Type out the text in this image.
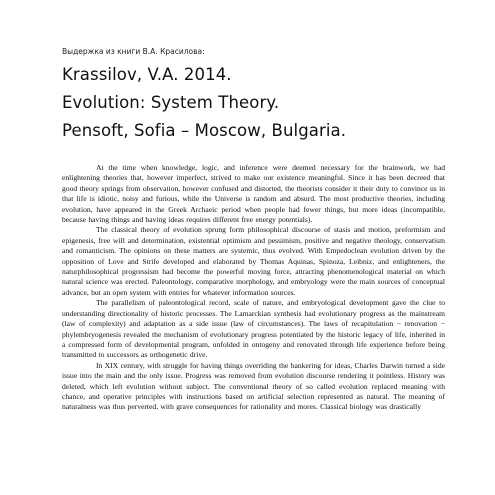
Выдержка из книги В.А. Красилова:
Krassilov, V.A. 2014.
Evolution: System Theory.
Pensoft, Sofia – Moscow, Bulgaria.

At the time when knowledge, logic, and inference were deemed necessary for the brainwork, we had enlightening theories that, however imperfect, strived to make our existence meaningful. Since it has been decreed that good theory springs from observation, however confused and distorted, the theorists consider it their duty to convince us in that life is idiotic, noisy and furious, while the Universe is random and absurd. The most productive theories, including evolution, have appeared in the Greek Archaeic period when people had fewer things, but more ideas (incompatible, because having things and having ideas requires different free energy potentials).

The classical theory of evolution sprung form philosophical discourse of stasis and motion, preformism and epigenesis, free will and determination, existential optimism and pessimism, positive and negative theology, conservatism and romanticism. The opinions on these matters are systemic, thus evolved. With Empedoclean evolution driven by the opposition of Love and Strife developed and elaborated by Thomas Aquinas, Spinoza, Leibniz, and enlighteners, the naturphilosophical progressism had become the powerful moving force, attracting phenomenological material on which natural science was erected. Paleontology, comparative morphology, and embryology were the main sources of conceptual advance, but an open system with entries for whatever information sources.

The parallelism of paleontological record, scale of nature, and embryological development gave the clue to understanding directionality of historic processes. The Lamarckian synthesis had evolutionary progress as the mainstream (law of complexity) and adaptation as a side issue (law of circumstances). The laws of recapitulation − renovation − phylembryogenesis revealed the mechanism of evolutionary progress potentiated by the historic legacy of life, inherited in a compressed form of developmental program, unfolded in ontogeny and renovated through life experience before being transmitted to successors as orthogenetic drive.

In XIX century, with struggle for having things overriding the bankering for ideas, Charles Darwin turned a side issue into the main and the only issue. Progress was removed from evolution discourse rendering it pointless. History was deleted, which left evolution without subject. The conventional theory of so called evolution replaced meaning with chance, and operative principles with instructions based on artificial selection represented as natural. The meaning of naturalness was thus perverted, with grave consequences for rationality and mores. Classical biology was drastically
